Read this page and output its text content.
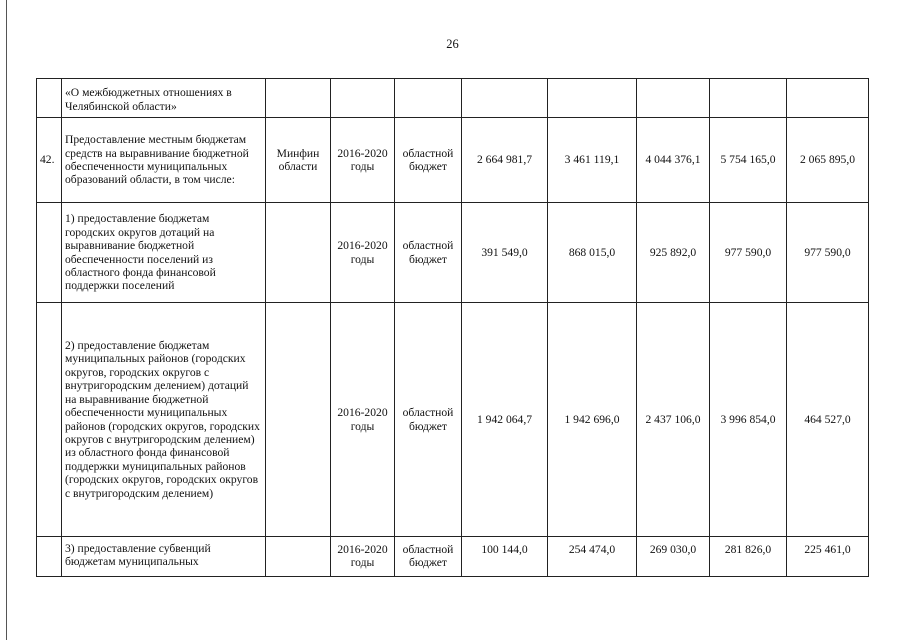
26
	«О межбюджетных отношениях в Челябинской области»								
42.	Предоставление местным бюджетам средств на выравнивание бюджетной обеспеченности муниципальных образований области, в том числе:	Минфин области	2016-2020 годы	областной бюджет	2 664 981,7	3 461 119,1	4 044 376,1	5 754 165,0	2 065 895,0
	1) предоставление бюджетам городских округов дотаций на выравнивание бюджетной обеспеченности поселений из областного фонда финансовой поддержки поселений		2016-2020 годы	областной бюджет	391 549,0	868 015,0	925 892,0	977 590,0	977 590,0
	2) предоставление бюджетам муниципальных районов (городских округов, городских округов с внутригородским делением) дотаций на выравнивание бюджетной обеспеченности муниципальных районов (городских округов, городских округов с внутригородским делением) из областного фонда финансовой поддержки муниципальных районов (городских округов, городских округов с внутригородским делением)		2016-2020 годы	областной бюджет	1 942 064,7	1 942 696,0	2 437 106,0	3 996 854,0	464 527,0
	3) предоставление субвенций бюджетам муниципальных		2016-2020 годы	областной бюджет	100 144,0	254 474,0	269 030,0	281 826,0	225 461,0
